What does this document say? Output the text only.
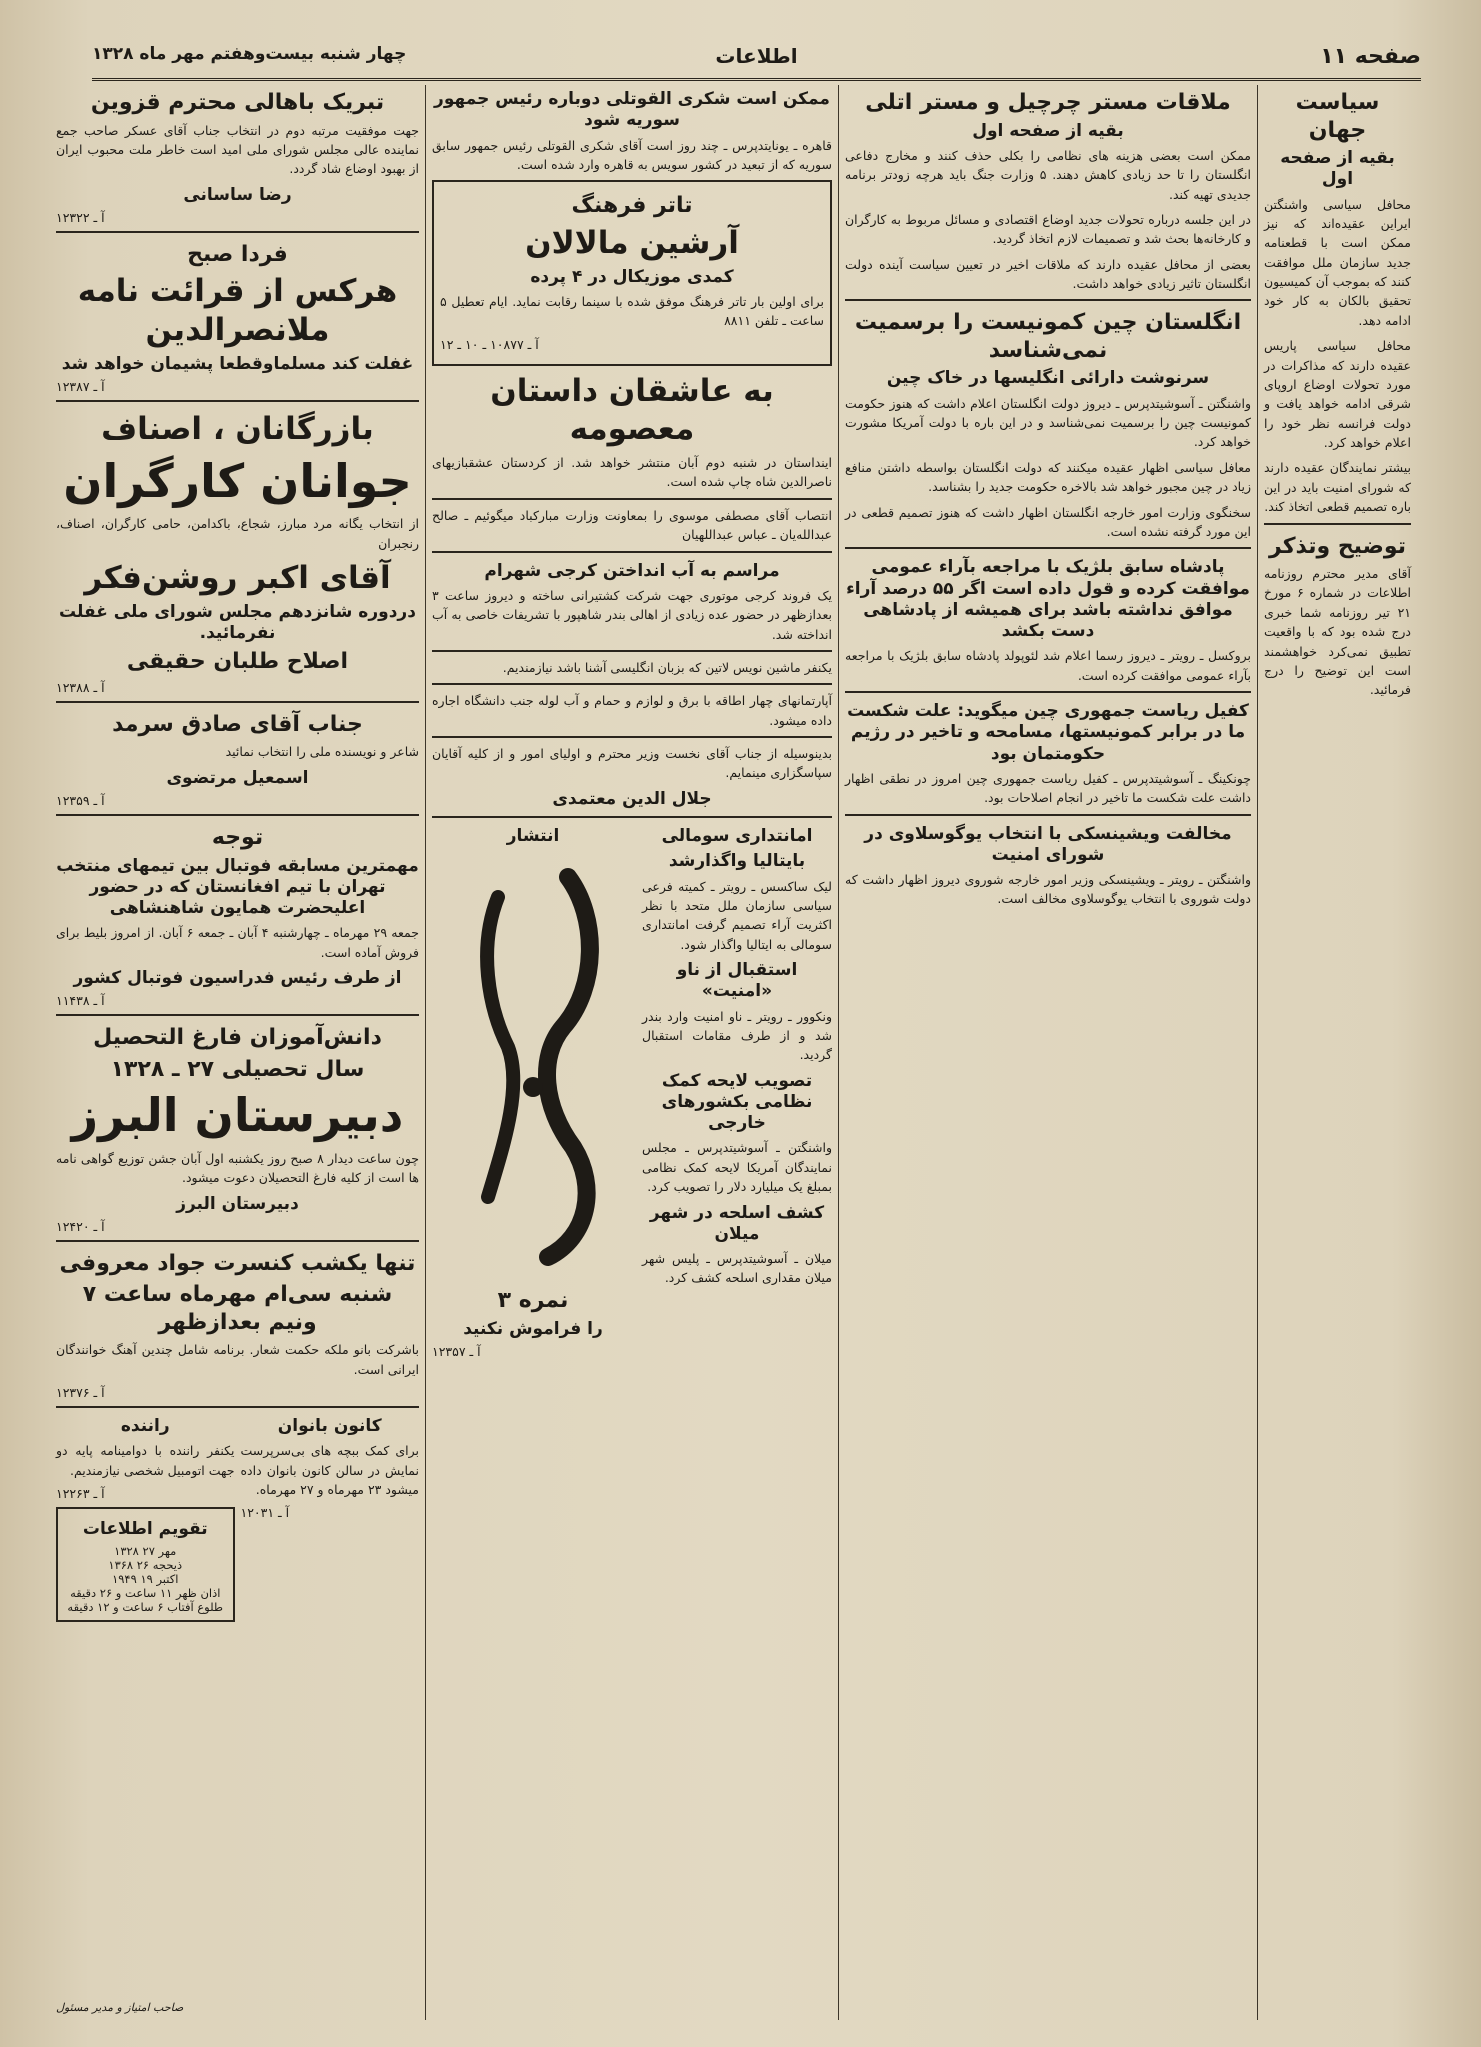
صفحه ۱۱
اطلاعات
چهار شنبه بیست‌وهفتم مهر ماه ۱۳۲۸
سیاست جهان
بقیه از صفحه اول

محافل سیاسی واشنگتن ایراین عقیده‌اند که نیز ممکن است با قطعنامه جدید سازمان ملل موافقت کنند که بموجب آن کمیسیون تحقیق بالکان به کار خود ادامه دهد.

محافل سیاسی پاریس عقیده دارند که مذاکرات در مورد تحولات اوضاع اروپای شرقی ادامه خواهد یافت و دولت فرانسه نظر خود را اعلام خواهد کرد.

بیشتر نمایندگان عقیده دارند که شورای امنیت باید در این باره تصمیم قطعی اتخاذ کند.

توضیح وتذکر

آقای مدیر محترم روزنامه اطلاعات در شماره ۶ مورخ ۲۱ تیر روزنامه شما خبری درج شده بود که با واقعیت تطبیق نمی‌کرد خواهشمند است این توضیح را درج فرمائید.

ملاقات مستر چرچیل و مستر اتلی
بقیه از صفحه اول

ممکن است بعضی هزینه های نظامی را بکلی حذف کنند و مخارج دفاعی انگلستان را تا حد زیادی کاهش دهند. ۵ وزارت جنگ باید هرچه زودتر برنامه جدیدی تهیه کند.

در این جلسه درباره تحولات جدید اوضاع اقتصادی و مسائل مربوط به کارگران و کارخانه‌ها بحث شد و تصمیمات لازم اتخاذ گردید.

بعضی از محافل عقیده دارند که ملاقات اخیر در تعیین سیاست آینده دولت انگلستان تاثیر زیادی خواهد داشت.

انگلستان چین کمونیست را برسمیت نمی‌شناسد
سرنوشت دارائی انگلیسها در خاک چین

واشنگتن ـ آسوشیتدپرس ـ دیروز دولت انگلستان اعلام داشت که هنوز حکومت کمونیست چین را برسمیت نمی‌شناسد و در این باره با دولت آمریکا مشورت خواهد کرد.

معافل سیاسی اظهار عقیده میکنند که دولت انگلستان بواسطه داشتن منافع زیاد در چین مجبور خواهد شد بالاخره حکومت جدید را بشناسد.

سخنگوی وزارت امور خارجه انگلستان اظهار داشت که هنوز تصمیم قطعی در این مورد گرفته نشده است.

پادشاه سابق بلژیک با مراجعه بآراء عمومی موافقت کرده و قول داده است اگر ۵۵ درصد آراء موافق نداشته باشد برای همیشه از پادشاهی دست بکشد

بروکسل ـ رویتر ـ دیروز رسما اعلام شد لئوپولد پادشاه سابق بلژیک با مراجعه بآراء عمومی موافقت کرده است.

کفیل ریاست جمهوری چین میگوید: علت شکست ما در برابر کمونیستها، مسامحه و تاخیر در رژیم حکومتمان بود

چونکینگ ـ آسوشیتدپرس ـ کفیل ریاست جمهوری چین امروز در نطقی اظهار داشت علت شکست ما تاخیر در انجام اصلاحات بود.

مخالفت ویشینسکی با انتخاب یوگوسلاوی در شورای امنیت

واشنگتن ـ رویتر ـ ویشینسکی وزیر امور خارجه شوروی دیروز اظهار داشت که دولت شوروی با انتخاب یوگوسلاوی مخالف است.

ممکن است شکری القوتلی دوباره رئیس جمهور سوریه شود

قاهره ـ یونایتدپرس ـ چند روز است آقای شکری القوتلی رئیس جمهور سابق سوریه که از تبعید در کشور سویس به قاهره وارد شده است.

تاتر فرهنگ
آرشین مالالان
کمدی موزیکال در ۴ پرده

برای اولین بار تاتر فرهنگ موفق شده با سینما رقابت نماید. ایام تعطیل ۵ ساعت ـ تلفن ۸۸۱۱

آ ـ ۱۰۸۷۷ ـ ۱۰ ـ ۱۲

به عاشقان داستان معصومه

اینداستان در شنبه دوم آبان منتشر خواهد شد. از کردستان عشقبازیهای ناصرالدین شاه چاپ شده است.

انتصاب آقای مصطفی موسوی را بمعاونت وزارت مبارکباد میگوئیم ـ صالح عبدالله‌یان ـ عباس عبداللهیان

مراسم به آب انداختن کرجی شهرام

یک فروند کرجی موتوری جهت شرکت کشتیرانی ساخته و دیروز ساعت ۳ بعدازظهر در حضور عده زیادی از اهالی بندر شاهپور با تشریفات خاصی به آب انداخته شد.

یکنفر ماشین نویس لاتین که بزبان انگلیسی آشنا باشد نیازمندیم.

آپارتمانهای چهار اطاقه با برق و لوازم و حمام و آب لوله جنب دانشگاه اجاره داده میشود.

بدینوسیله از جناب آقای نخست وزیر محترم و اولیای امور و از کلیه آقایان سپاسگزاری مینمایم.

جلال الدین معتمدی
امانتداری سومالی
بایتالیا واگذارشد

لیک ساکسس ـ رویتر ـ کمیته فرعی سیاسی سازمان ملل متحد با نظر اکثریت آراء تصمیم گرفت امانتداری سومالی به ایتالیا واگذار شود.

استقبال از ناو «امنیت»

ونکوور ـ رویتر ـ ناو امنیت وارد بندر شد و از طرف مقامات استقبال گردید.

تصویب لایحه کمک نظامی بکشورهای خارجی

واشنگتن ـ آسوشیتدپرس ـ مجلس نمایندگان آمریکا لایحه کمک نظامی بمبلغ یک میلیارد دلار را تصویب کرد.

کشف اسلحه در شهر میلان

میلان ـ آسوشیتدپرس ـ پلیس شهر میلان مقداری اسلحه کشف کرد.

انتشار
نمره ۳
را فراموش نکنید

آ ـ ۱۲۳۵۷

تبریک باهالی محترم قزوین

جهت موفقیت مرتبه دوم در انتخاب جناب آقای عسکر صاحب جمع نماینده عالی مجلس شورای ملی امید است خاطر ملت محبوب ایران از بهبود اوضاع شاد گردد.

رضا ساسانی

آ ـ ۱۲۳۲۲

فردا صبح
هرکس از قرائت نامه ملانصرالدین
غفلت کند مسلماوقطعا پشیمان خواهد شد

آ ـ ۱۲۳۸۷

بازرگانان ، اصناف
جوانان کارگران

از انتخاب یگانه مرد مبارز، شجاع، باکدامن، حامی کارگران، اصناف، رنجبران

آقای اکبر روشن‌فکر
دردوره شانزدهم مجلس شورای ملی غفلت نفرمائید.
اصلاح طلبان حقیقی

آ ـ ۱۲۳۸۸

جناب آقای صادق سرمد

شاعر و نویسنده ملی را انتخاب نمائید

اسمعیل مرتضوی

آ ـ ۱۲۳۵۹

توجه
مهمترین مسابقه فوتبال بین تیمهای منتخب تهران با تیم افغانستان که در حضور اعلیحضرت همایون شاهنشاهی

جمعه ۲۹ مهرماه ـ چهارشنبه ۴ آبان ـ جمعه ۶ آبان. از امروز بلیط برای فروش آماده است.

از طرف رئیس فدراسیون فوتبال کشور

آ ـ ۱۱۴۳۸

دانش‌آموزان فارغ التحصیل
سال تحصیلی ۲۷ ـ ۱۳۲۸
دبیرستان البرز

چون ساعت دیدار ۸ صبح روز یکشنبه اول آبان جشن توزیع گواهی نامه ها است از کلیه فارغ التحصیلان دعوت میشود.

دبیرستان البرز

آ ـ ۱۲۴۲۰

تنها یکشب کنسرت جواد معروفی
شنبه سی‌ام مهرماه ساعت ۷ ونیم بعدازظهر

باشرکت بانو ملکه حکمت شعار. برنامه شامل چندین آهنگ خوانندگان ایرانی است.

آ ـ ۱۲۳۷۶

کانون بانوان

برای کمک ببچه های بی‌سرپرست نمایش در سالن کانون بانوان داده میشود ۲۳ مهرماه و ۲۷ مهرماه.

آ ـ ۱۲۰۳۱

راننده

یکنفر راننده با دوامینامه پایه دو جهت اتومبیل شخصی نیازمندیم.

آ ـ ۱۲۲۶۳

تقویم اطلاعات
۱۳۲۸ ۲۷ مهر
۱۳۶۸ ۲۶ ذیحجه
۱۹۴۹ ۱۹ اکتبر
اذان ظهر ۱۱ ساعت و ۲۶ دقیقه
طلوع آفتاب ۶ ساعت و ۱۲ دقیقه
صاحب امتیاز و مدیر مسئول
